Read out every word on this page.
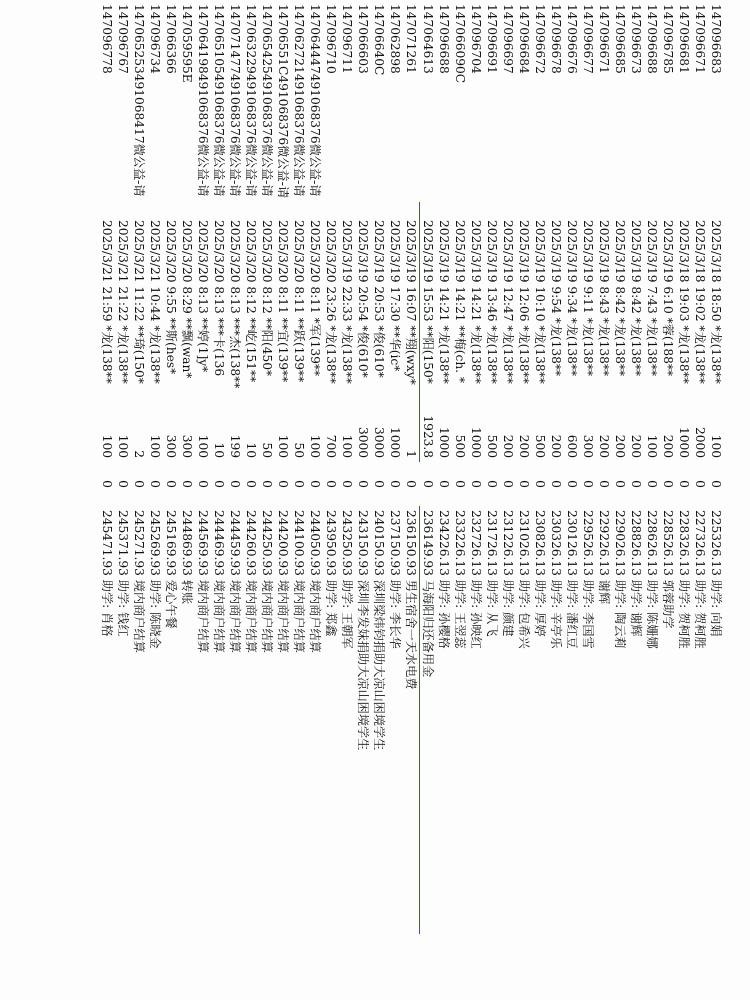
14709668​3	2025/3/18 18:50 *龙(138**	100	0	225326.13 助学: 向娟
14709667​1	2025/3/18 19:02 *龙(138**	2000	0	227326.13 助学: 贺柯胜
14709668​1	2025/3/18 19:03 *龙(138**	1000	0	228326.13 助学: 贺柯胜
14709678​5	2025/3/19 6:10 *蓉(188**	200	0	228526.13 郭蓉助学
14709668​8	2025/3/19 7:43 *龙(138**	100	0	228626.13 助学: 陈姗娜
14709667​3	2025/3/19 8:42 *龙(138**	200	0	228826.13 助学: 谢辉
14709668​5	2025/3/19 8:42 *龙(138**	200	0	229026.13 助学: 陶云莉
14709667​1	2025/3/19 8:43 *龙(138**	200	0	229226.13 谢辉
14709667​7	2025/3/19 9:11 *龙(138**	300	0	229526.13 助学: 李国雪
14709667​6	2025/3/19 9:34 *龙(138**	600	0	230126.13 助学: 潘红豆
14709667​8	2025/3/19 9:54 *龙(138**	200	0	230326.13 助学: 辛亭乐
14709667​2	2025/3/19 10:10 *龙(138**	500	0	230826.13 助学: 厚婷
14709668​4	2025/3/19 12:06 *龙(138**	200	0	231026.13 助学: 包希兴
14709669​7	2025/3/19 12:47 *龙(138**	200	0	231226.13 助学: 颜建
14709669​1	2025/3/19 13:46 *龙(138**	500	0	231726.13 助学: 从飞
14709670​4	2025/3/19 14:21 *龙(138**	1000	0	232726.13 助学: 孙映红
14706609​0C	2025/3/19 14:21 **梅(ch. *	500	0	233226.13 助学: 王翌蕊
14709668​8	2025/3/19 14:21 *龙(138**	1000	0	234226.13 助学: 孙樱格
14706461​3	2025/3/19 15:53 **阳(150*	1923.8	0	236149.93 马海阳归还备用金
14707126​1	2025/3/19 16:07 **翔(wxy*	1	0	236150.93 男生宿舍一天水电费
14706289​8	2025/3/19 17:30 **华(ic*	1000	0	237150.93 助学: 李长华
14706640​C	2025/3/19 20:53 *俊(610*	3000	0	240150.93 深圳梁炜钧捐助大凉山困境学生
14706660​3	2025/3/19 20:54 *俊(610*	3000	0	243150.93 深圳李发妹捐助大凉山困境学生
14709671​1	2025/3/19 22:33 *龙(138**	100	0	243250.93 助学: 王朝军
14709671​0	2025/3/20 23:26 *龙(138**	700	0	243950.93 助学: 郑鑫
14706444​7491068376微公益-请	2025/3/20 8:11 *军(139**	100	0	244050.93 境内商户结算
14706272​1491068376微公益-请	2025/3/20 8:11 **跃(139**	50	0	244100.93 境内商户结算
14706551​C491068376微公益-请	2025/3/20 8:11 **宜(139**	100	0	244200.93 境内商户结算
14706542​5491068376微公益-请	2025/3/20 8:12 **阳(450*	50	0	244250.93 境内商户结算
14706322​9491068376微公益-请	2025/3/20 8:12 **屹(151**	10	0	244260.93 境内商户结算
14707147​7491068376微公益-请	2025/3/20 8:13 ***杰(138**	199	0	244459.93 境内商户结算
14706510​5491068376微公益-请	2025/3/20 8:13 ***卡(136	10	0	244469.93 境内商户结算
14706419​8491068376微公益-请	2025/3/20 8:13 **婷(1]y*	100	0	244569.93 境内商户结算
14705959​5E	2025/3/20 8:29 **飘(wan*	300	0	244869.93 转账
14706636​6	2025/3/20 9:55 **斯(hes*	300	0	245169.93 爱心午餐
14709673​4	2025/3/21 10:44 *龙(138**	100	0	245269.93 助学: 陈晓金
14706525​3491068417微公益-请	2025/3/21 11:22 **琦(150*	2	0	245271.93 境内商户结算
14709676​7	2025/3/21 21:22 *龙(138**	100	0	245371.93 助学: 钱红
14709677​8	2025/3/21 21:59 *龙(138**	100	0	245471.93 助学: 肖格
